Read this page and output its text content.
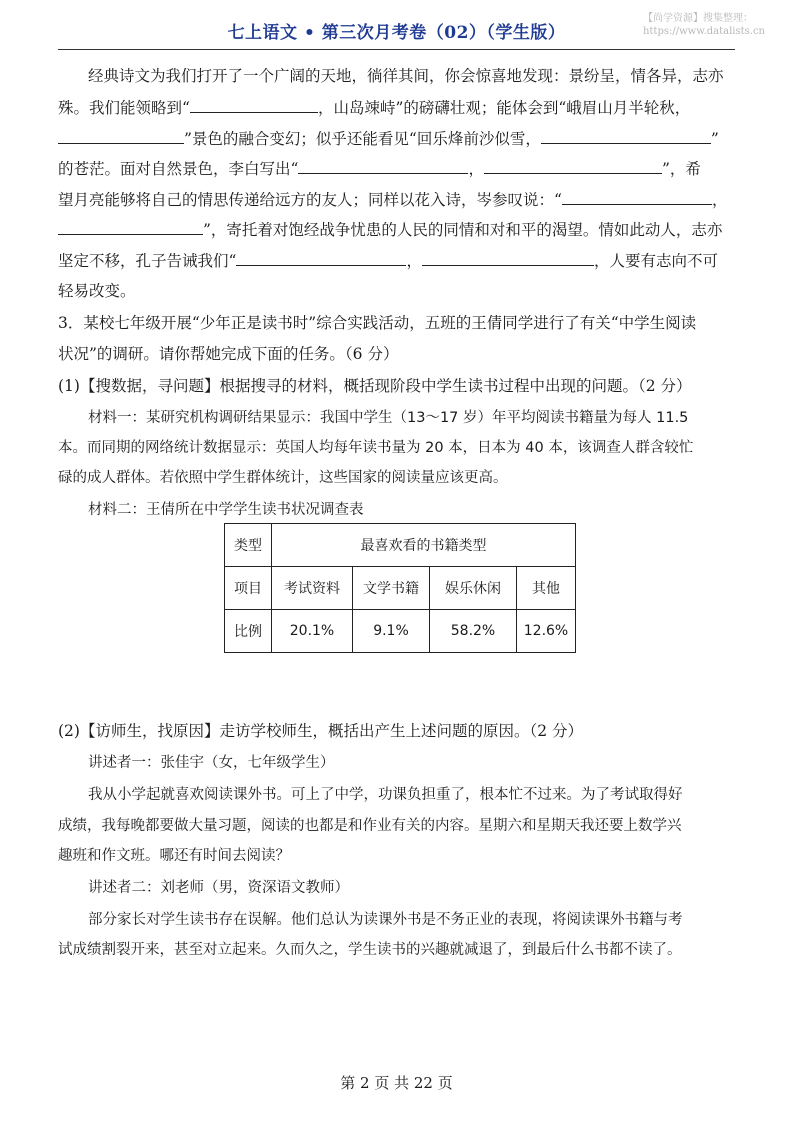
七上语文 • 第三次月考卷（02）（学生版）
【尚学资源】搜集整理：
https://www.datalists.cn
经典诗文为我们打开了一个广阔的天地，徜徉其间，你会惊喜地发现：景纷呈，情各异，志亦
殊。我们能领略到“	，山岛竦峙”的磅礴壮观；能体会到“峨眉山月半轮秋，
”景色的融合变幻；似乎还能看见“回乐烽前沙似雪，	”
的苍茫。面对自然景色，李白写出“	，	”，希
望月亮能够将自己的情思传递给远方的友人；同样以花入诗，岑参叹说：“	，
”，寄托着对饱经战争忧患的人民的同情和对和平的渴望。情如此动人，志亦
坚定不移，孔子告诫我们“	，	，人要有志向不可
轻易改变。
3．某校七年级开展“少年正是读书时”综合实践活动，五班的王倩同学进行了有关“中学生阅读
状况”的调研。请你帮她完成下面的任务。（6 分）
(1)【搜数据，寻问题】根据搜寻的材料，概括现阶段中学生读书过程中出现的问题。（2 分）
材料一：某研究机构调研结果显示：我国中学生（13～17 岁）年平均阅读书籍量为每人 11.5
本。而同期的网络统计数据显示：英国人均每年读书量为 20 本，日本为 40 本，该调查人群含较忙
碌的成人群体。若依照中学生群体统计，这些国家的阅读量应该更高。
材料二：王倩所在中学学生读书状况调查表
类型	最喜欢看的书籍类型			
项目	考试资料	文学书籍	娱乐休闲	其他
比例	20.1%	9.1%	58.2%	12.6%
(2)【访师生，找原因】走访学校师生，概括出产生上述问题的原因。（2 分）
讲述者一：张佳宇（女，七年级学生）
我从小学起就喜欢阅读课外书。可上了中学，功课负担重了，根本忙不过来。为了考试取得好
成绩，我每晚都要做大量习题，阅读的也都是和作业有关的内容。星期六和星期天我还要上数学兴
趣班和作文班。哪还有时间去阅读？
讲述者二：刘老师（男，资深语文教师）
部分家长对学生读书存在误解。他们总认为读课外书是不务正业的表现，将阅读课外书籍与考
试成绩割裂开来，甚至对立起来。久而久之，学生读书的兴趣就减退了，到最后什么书都不读了。
第 2 页 共 22 页
